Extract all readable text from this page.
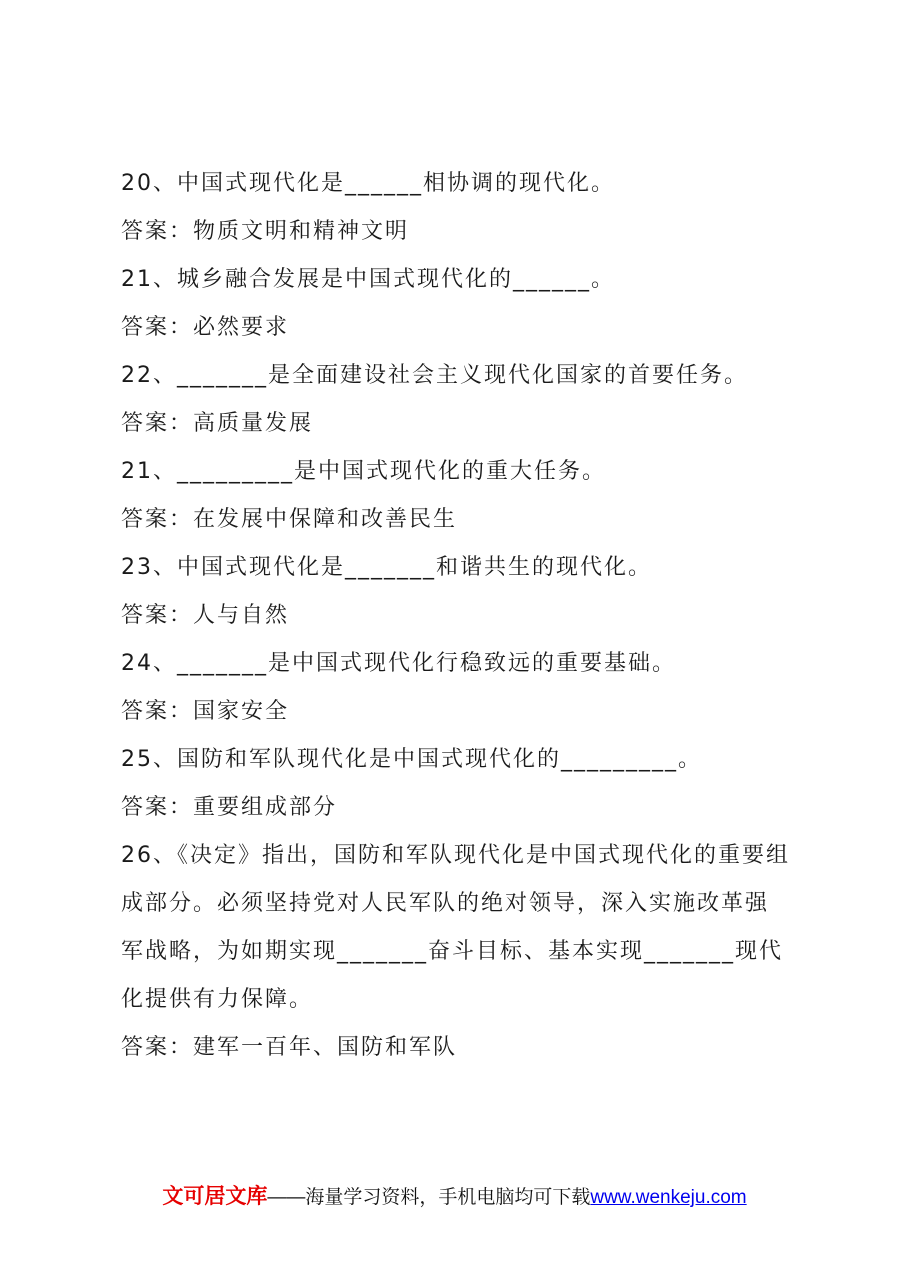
20、中国式现代化是______相协调的现代化。
答案：物质文明和精神文明
21、城乡融合发展是中国式现代化的______。
答案：必然要求
22、_______是全面建设社会主义现代化国家的首要任务。
答案：高质量发展
21、_________是中国式现代化的重大任务。
答案：在发展中保障和改善民生
23、中国式现代化是_______和谐共生的现代化。
答案：人与自然
24、_______是中国式现代化行稳致远的重要基础。
答案：国家安全
25、国防和军队现代化是中国式现代化的_________。
答案：重要组成部分
26、《决定》指出，国防和军队现代化是中国式现代化的重要组成部分。必须坚持党对人民军队的绝对领导，深入实施改革强军战略，为如期实现_______奋斗目标、基本实现_______现代化提供有力保障。
答案：建军一百年、国防和军队
文可居文库——海量学习资料，手机电脑均可下载www.wenkeju.com
